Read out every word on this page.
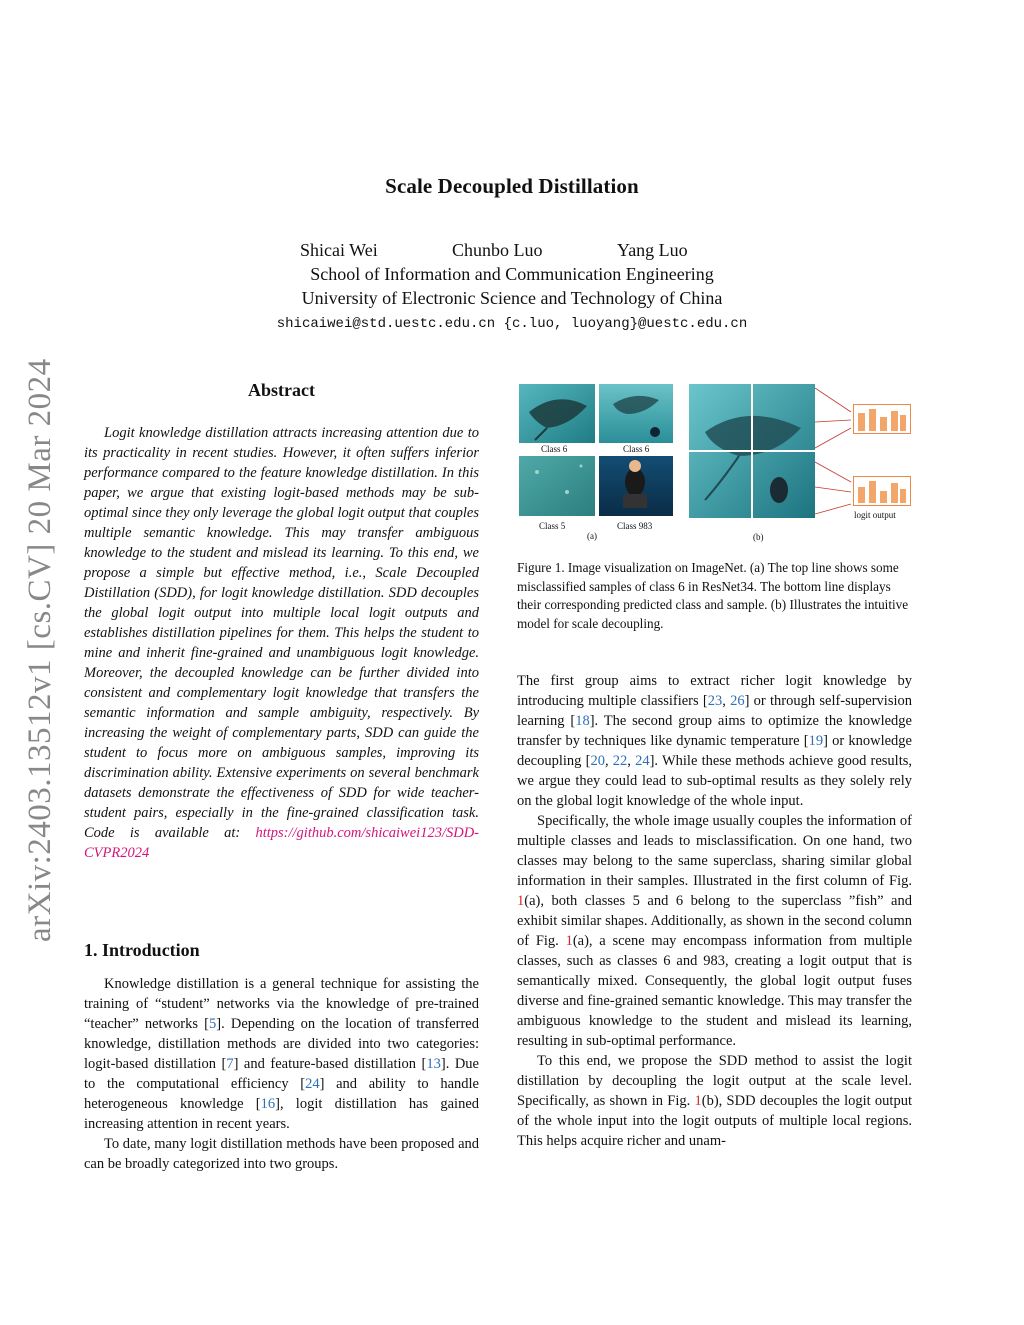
Scale Decoupled Distillation
Shicai Wei	Chunbo Luo	Yang Luo
School of Information and Communication Engineering
University of Electronic Science and Technology of China
shicaiwei@std.uestc.edu.cn {c.luo, luoyang}@uestc.edu.cn
arXiv:2403.13512v1 [cs.CV] 20 Mar 2024	Abstract
Logit knowledge distillation attracts increasing attention due to its practicality in recent studies. However, it often suffers inferior performance compared to the feature knowledge distillation. In this paper, we argue that existing logit-based methods may be sub-optimal since they only leverage the global logit output that couples multiple semantic knowledge. This may transfer ambiguous knowledge to the student and mislead its learning. To this end, we propose a simple but effective method, i.e., Scale Decoupled Distillation (SDD), for logit knowledge distillation. SDD decouples the global logit output into multiple local logit outputs and establishes distillation pipelines for them. This helps the student to mine and inherit fine-grained and unambiguous logit knowledge. Moreover, the decoupled knowledge can be further divided into consistent and complementary logit knowledge that transfers the semantic information and sample ambiguity, respectively. By increasing the weight of complementary parts, SDD can guide the student to focus more on ambiguous samples, improving its discrimination ability. Extensive experiments on several benchmark datasets demonstrate the effectiveness of SDD for wide teacher-student pairs, especially in the fine-grained classification task. Code is available at: https://github.com/shicaiwei123/SDD-CVPR2024
1. Introduction

Knowledge distillation is a general technique for assisting the training of “student” networks via the knowledge of pre-trained “teacher” networks [5]. Depending on the location of transferred knowledge, distillation methods are divided into two categories: logit-based distillation [7] and feature-based distillation [13]. Due to the computational efficiency [24] and ability to handle heterogeneous knowledge [16], logit distillation has gained increasing attention in recent years.

To date, many logit distillation methods have been proposed and can be broadly categorized into two groups.

Class 6	Class 6
Class 5	Class 983
(a)	(b)
logit output

Figure 1. Image visualization on ImageNet. (a) The top line shows some misclassified samples of class 6 in ResNet34. The bottom line displays their corresponding predicted class and sample. (b) Illustrates the intuitive model for scale decoupling.

The first group aims to extract richer logit knowledge by introducing multiple classifiers [23, 26] or through self-supervision learning [18]. The second group aims to optimize the knowledge transfer by techniques like dynamic temperature [19] or knowledge decoupling [20, 22, 24]. While these methods achieve good results, we argue they could lead to sub-optimal results as they solely rely on the global logit knowledge of the whole input.

Specifically, the whole image usually couples the information of multiple classes and leads to misclassification. On one hand, two classes may belong to the same superclass, sharing similar global information in their samples. Illustrated in the first column of Fig. 1(a), both classes 5 and 6 belong to the superclass ”fish” and exhibit similar shapes. Additionally, as shown in the second column of Fig. 1(a), a scene may encompass information from multiple classes, such as classes 6 and 983, creating a logit output that is semantically mixed. Consequently, the global logit output fuses diverse and fine-grained semantic knowledge. This may transfer the ambiguous knowledge to the student and mislead its learning, resulting in sub-optimal performance.

To this end, we propose the SDD method to assist the logit distillation by decoupling the logit output at the scale level. Specifically, as shown in Fig. 1(b), SDD decouples the logit output of the whole input into the logit outputs of multiple local regions. This helps acquire richer and unam-
